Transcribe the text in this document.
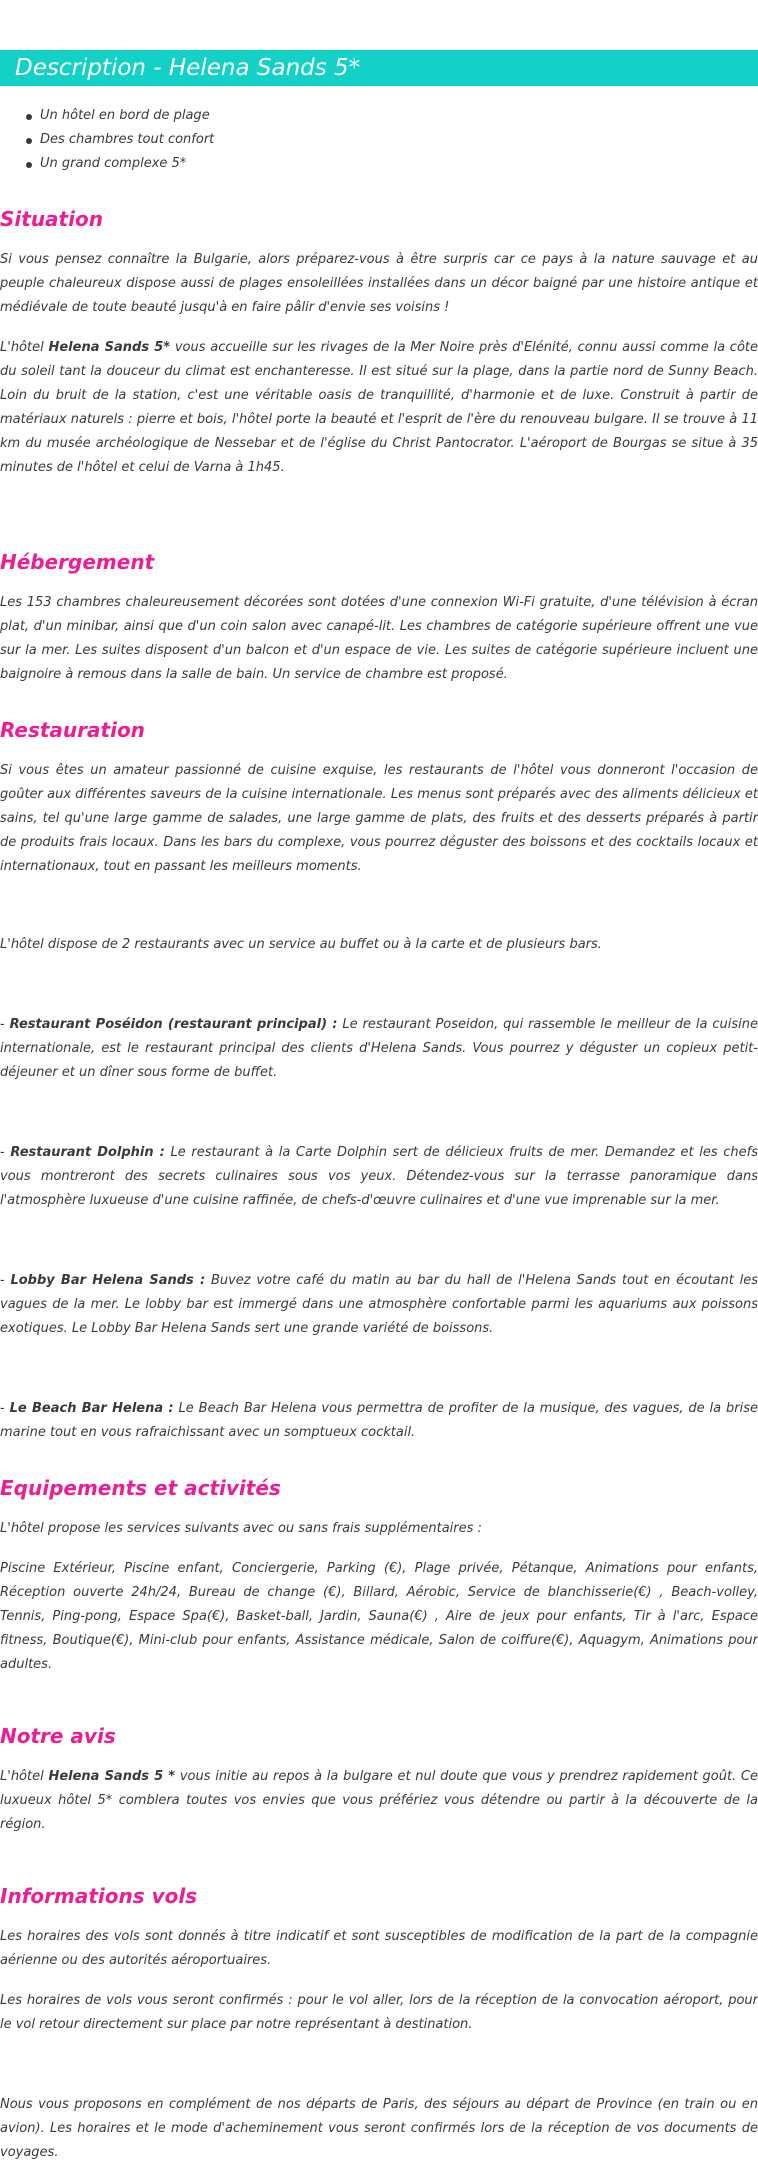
Description - Helena Sands 5*
Un hôtel en bord de plage
Des chambres tout confort
Un grand complexe 5*
Situation

Si vous pensez connaître la Bulgarie, alors préparez-vous à être surpris car ce pays à la nature sauvage et au peuple chaleureux dispose aussi de plages ensoleillées installées dans un décor baigné par une histoire antique et médiévale de toute beauté jusqu'à en faire pâlir d'envie ses voisins !

L'hôtel Helena Sands 5* vous accueille sur les rivages de la Mer Noire près d'Elénité, connu aussi comme la côte du soleil tant la douceur du climat est enchanteresse. Il est situé sur la plage, dans la partie nord de Sunny Beach. Loin du bruit de la station, c'est une véritable oasis de tranquillité, d'harmonie et de luxe. Construit à partir de matériaux naturels : pierre et bois, l'hôtel porte la beauté et l'esprit de l'ère du renouveau bulgare. Il se trouve à 11 km du musée archéologique de Nessebar et de l'église du Christ Pantocrator. L'aéroport de Bourgas se situe à 35 minutes de l'hôtel et celui de Varna à 1h45.

Hébergement

Les 153 chambres chaleureusement décorées sont dotées d'une connexion Wi-Fi gratuite, d'une télévision à écran plat, d'un minibar, ainsi que d'un coin salon avec canapé-lit. Les chambres de catégorie supérieure offrent une vue sur la mer. Les suites disposent d'un balcon et d'un espace de vie. Les suites de catégorie supérieure incluent une baignoire à remous dans la salle de bain. Un service de chambre est proposé.

Restauration

Si vous êtes un amateur passionné de cuisine exquise, les restaurants de l'hôtel vous donneront l'occasion de goûter aux différentes saveurs de la cuisine internationale. Les menus sont préparés avec des aliments délicieux et sains, tel qu'une large gamme de salades, une large gamme de plats, des fruits et des desserts préparés à partir de produits frais locaux. Dans les bars du complexe, vous pourrez déguster des boissons et des cocktails locaux et internationaux, tout en passant les meilleurs moments.

L'hôtel dispose de 2 restaurants avec un service au buffet ou à la carte et de plusieurs bars.

- Restaurant Poséidon (restaurant principal) : Le restaurant Poseidon, qui rassemble le meilleur de la cuisine internationale, est le restaurant principal des clients d'Helena Sands. Vous pourrez y déguster un copieux petit-déjeuner et un dîner sous forme de buffet.

- Restaurant Dolphin : Le restaurant à la Carte Dolphin sert de délicieux fruits de mer. Demandez et les chefs vous montreront des secrets culinaires sous vos yeux. Détendez-vous sur la terrasse panoramique dans l'atmosphère luxueuse d'une cuisine raffinée, de chefs-d'œuvre culinaires et d'une vue imprenable sur la mer.

- Lobby Bar Helena Sands : Buvez votre café du matin au bar du hall de l'Helena Sands tout en écoutant les vagues de la mer. Le lobby bar est immergé dans une atmosphère confortable parmi les aquariums aux poissons exotiques. Le Lobby Bar Helena Sands sert une grande variété de boissons.

- Le Beach Bar Helena : Le Beach Bar Helena vous permettra de profiter de la musique, des vagues, de la brise marine tout en vous rafraichissant avec un somptueux cocktail.

Equipements et activités

L'hôtel propose les services suivants avec ou sans frais supplémentaires :

Piscine Extérieur, Piscine enfant, Conciergerie, Parking (€), Plage privée, Pétanque, Animations pour enfants, Réception ouverte 24h/24, Bureau de change (€), Billard, Aérobic, Service de blanchisserie(€) , Beach-volley, Tennis, Ping-pong, Espace Spa(€), Basket-ball, Jardin, Sauna(€) , Aire de jeux pour enfants, Tir à l'arc, Espace fitness, Boutique(€), Mini-club pour enfants, Assistance médicale, Salon de coiffure(€), Aquagym, Animations pour adultes.

Notre avis

L'hôtel Helena Sands 5 * vous initie au repos à la bulgare et nul doute que vous y prendrez rapidement goût. Ce luxueux hôtel 5* comblera toutes vos envies que vous préfériez vous détendre ou partir à la découverte de la région.

Informations vols

Les horaires des vols sont donnés à titre indicatif et sont susceptibles de modification de la part de la compagnie aérienne ou des autorités aéroportuaires.

Les horaires de vols vous seront confirmés : pour le vol aller, lors de la réception de la convocation aéroport, pour le vol retour directement sur place par notre représentant à destination.

Nous vous proposons en complément de nos départs de Paris, des séjours au départ de Province (en train ou en avion). Les horaires et le mode d'acheminement vous seront confirmés lors de la réception de vos documents de voyages.
